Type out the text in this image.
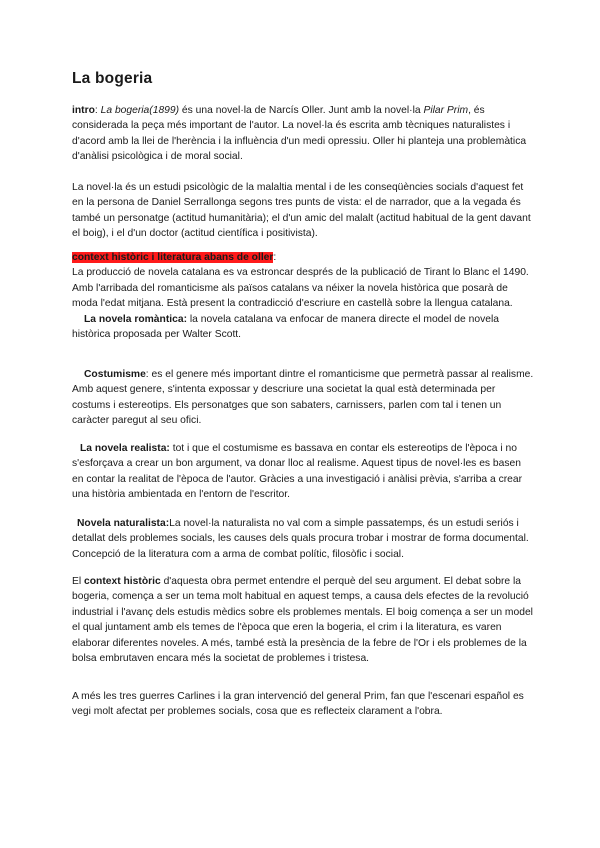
La bogeria

intro: La bogeria(1899) és una novel·la de Narcís Oller. Junt amb la novel·la Pilar Prim, és considerada la peça més important de l'autor. La novel·la és escrita amb tècniques naturalistes i d'acord amb la llei de l'herència i la influència d'un medi opressiu. Oller hi planteja una problemàtica d'anàlisi psicològica i de moral social.

La novel·la és un estudi psicològic de la malaltia mental i de les conseqüències socials d'aquest fet en la persona de Daniel Serrallonga segons tres punts de vista: el de narrador, que a la vegada és també un personatge (actitud humanitària); el d'un amic del malalt (actitud habitual de la gent davant el boig), i el d'un doctor (actitud científica i positivista).

context històric i literatura abans de oller:

La producció de novela catalana es va estroncar després de la publicació de Tirant lo Blanc el 1490. Amb l'arribada del romanticisme als països catalans va néixer la novela històrica que posarà de moda l'edat mitjana. Està present la contradicció d'escriure en castellà sobre la llengua catalana.

La novela romàntica: la novela catalana va enfocar de manera directe el model de novela històrica proposada per Walter Scott.

Costumisme: es el genere més important dintre el romanticisme que permetrà passar al realisme. Amb aquest genere, s'intenta expossar y descriure una societat la qual està determinada per costums i estereotips. Els personatges que son sabaters, carnissers, parlen com tal i tenen un caràcter paregut al seu ofici.

La novela realista: tot i que el costumisme es bassava en contar els estereotips de l'època i no s'esforçava a crear un bon argument, va donar lloc al realisme. Aquest tipus de novel·les es basen en contar la realitat de l'època de l'autor. Gràcies a una investigació i anàlisi prèvia, s'arriba a crear una història ambientada en l'entorn de l'escritor.

Novela naturalista:La novel·la naturalista no val com a simple passatemps, és un estudi seriós i detallat dels problemes socials, les causes dels quals procura trobar i mostrar de forma documental. Concepció de la literatura com a arma de combat polític, filosòfic i social.

El context històric d'aquesta obra permet entendre el perquè del seu argument. El debat sobre la bogeria, comença a ser un tema molt habitual en aquest temps, a causa dels efectes de la revolució industrial i l'avanç dels estudis mèdics sobre els problemes mentals. El boig comença a ser un model el qual juntament amb els temes de l'època que eren la bogeria, el crim i la literatura, es varen elaborar diferentes noveles. A més, també està la presència de la febre de l'Or i els problemes de la bolsa embrutaven encara més la societat de problemes i tristesa.

A més les tres guerres Carlines i la gran intervenció del general Prim, fan que l'escenari español es vegi molt afectat per problemes socials, cosa que es reflecteix clarament a l'obra.
